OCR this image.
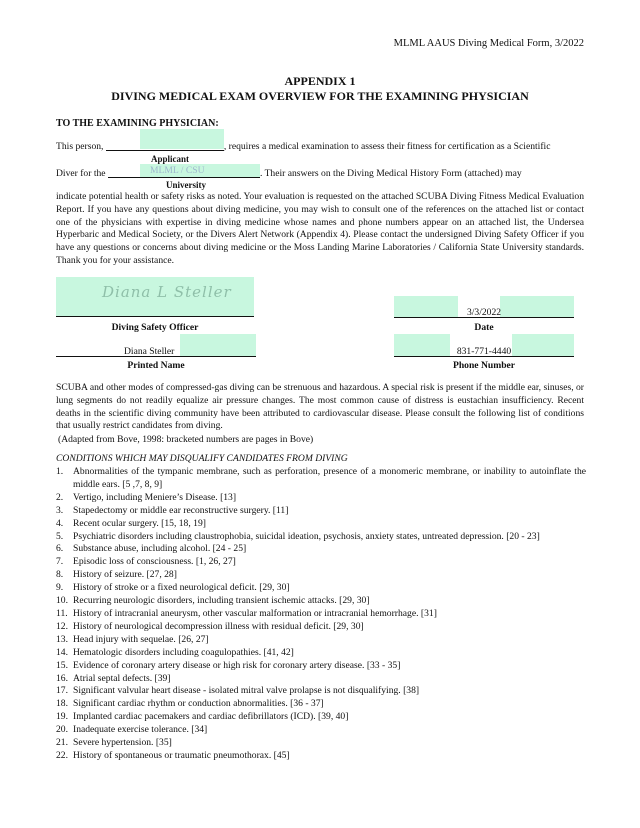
MLML AAUS Diving Medical Form, 3/2022
APPENDIX 1
DIVING MEDICAL EXAM OVERVIEW FOR THE EXAMINING PHYSICIAN
TO THE EXAMINING PHYSICIAN:
This person,	, requires a medical examination to assess their fitness for certification as a Scientific
Applicant
Diver for the	MLML / CSU	. Their answers on the Diving Medical History Form (attached) may
University
indicate potential health or safety risks as noted. Your evaluation is requested on the attached SCUBA Diving Fitness Medical Evaluation Report. If you have any questions about diving medicine, you may wish to consult one of the references on the attached list or contact one of the physicians with expertise in diving medicine whose names and phone numbers appear on an attached list, the Undersea Hyperbaric and Medical Society, or the Divers Alert Network (Appendix 4). Please contact the undersigned Diving Safety Officer if you have any questions or concerns about diving medicine or the Moss Landing Marine Laboratories / California State University standards. Thank you for your assistance.
Diana L Steller
Diving Safety Officer
3/3/2022
Date
Diana Steller
Printed Name
831-771-4440
Phone Number
SCUBA and other modes of compressed-gas diving can be strenuous and hazardous. A special risk is present if the middle ear, sinuses, or lung segments do not readily equalize air pressure changes. The most common cause of distress is eustachian insufficiency. Recent deaths in the scientific diving community have been attributed to cardiovascular disease. Please consult the following list of conditions that usually restrict candidates from diving.
(Adapted from Bove, 1998: bracketed numbers are pages in Bove)
CONDITIONS WHICH MAY DISQUALIFY CANDIDATES FROM DIVING
1.	Abnormalities of the tympanic membrane, such as perforation, presence of a monomeric membrane, or inability to autoinflate the middle ears. [5 ,7, 8, 9]
2.	Vertigo, including Meniere’s Disease. [13]
3.	Stapedectomy or middle ear reconstructive surgery. [11]
4.	Recent ocular surgery. [15, 18, 19]
5.	Psychiatric disorders including claustrophobia, suicidal ideation, psychosis, anxiety states, untreated depression. [20 - 23]
6.	Substance abuse, including alcohol. [24 - 25]
7.	Episodic loss of consciousness. [1, 26, 27]
8.	History of seizure. [27, 28]
9.	History of stroke or a fixed neurological deficit. [29, 30]
10. Recurring neurologic disorders, including transient ischemic attacks. [29, 30]
11. History of intracranial aneurysm, other vascular malformation or intracranial hemorrhage. [31]
12. History of neurological decompression illness with residual deficit. [29, 30]
13. Head injury with sequelae. [26, 27]
14. Hematologic disorders including coagulopathies. [41, 42]
15. Evidence of coronary artery disease or high risk for coronary artery disease. [33 - 35]
16. Atrial septal defects. [39]
17. Significant valvular heart disease - isolated mitral valve prolapse is not disqualifying. [38]
18. Significant cardiac rhythm or conduction abnormalities. [36 - 37]
19. Implanted cardiac pacemakers and cardiac defibrillators (ICD). [39, 40]
20. Inadequate exercise tolerance. [34]
21. Severe hypertension. [35]
22. History of spontaneous or traumatic pneumothorax. [45]
